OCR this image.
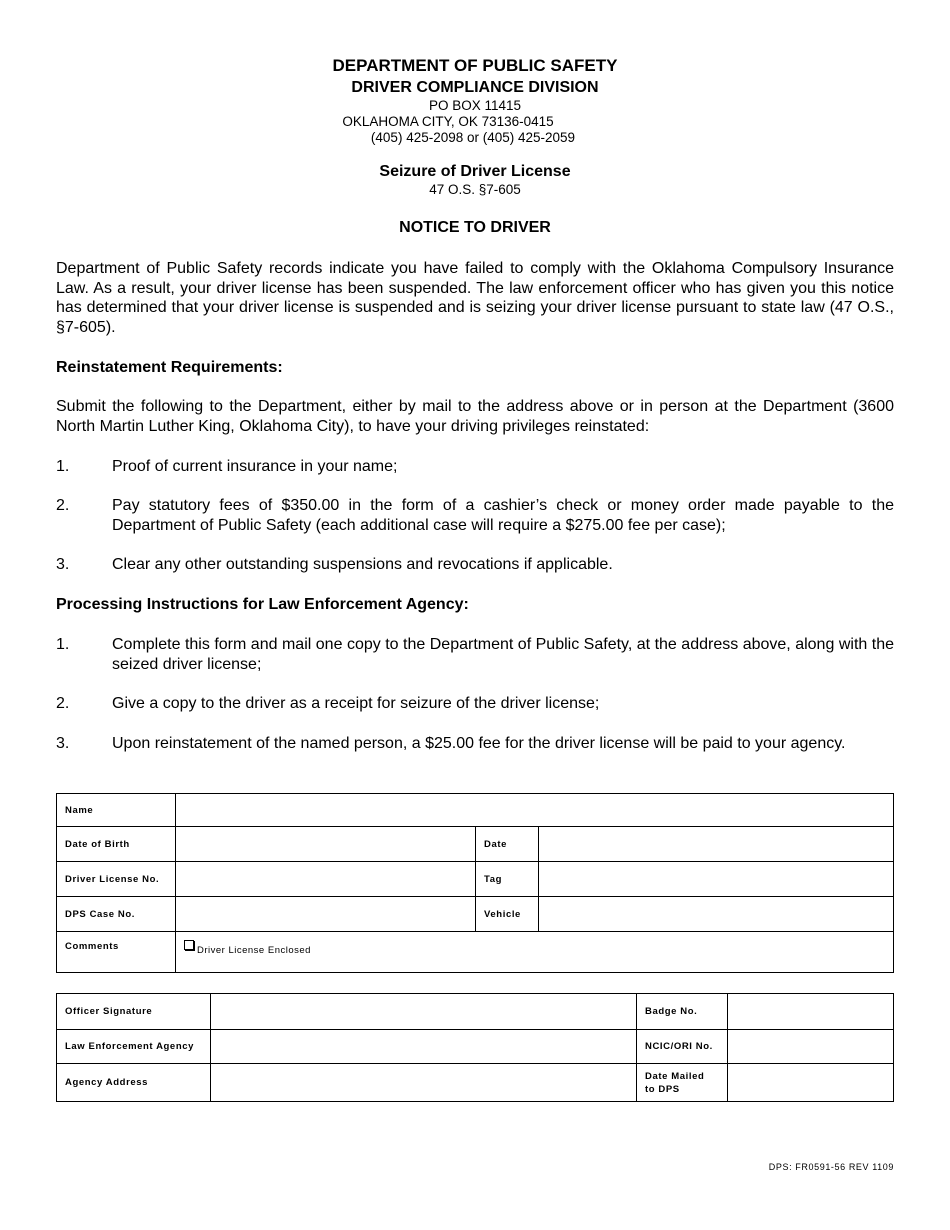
DEPARTMENT OF PUBLIC SAFETY
DRIVER COMPLIANCE DIVISION
PO BOX 11415
OKLAHOMA CITY, OK 73136-0415
(405) 425-2098 or (405) 425-2059
Seizure of Driver License
47 O.S. §7-605
NOTICE TO DRIVER
Department of Public Safety records indicate you have failed to comply with the Oklahoma Compulsory Insurance Law. As a result, your driver license has been suspended. The law enforcement officer who has given you this notice has determined that your driver license is suspended and is seizing your driver license pursuant to state law (47 O.S., §7-605).
Reinstatement Requirements:
Submit the following to the Department, either by mail to the address above or in person at the Department (3600 North Martin Luther King, Oklahoma City), to have your driving privileges reinstated:
1.	Proof of current insurance in your name;
2.	Pay statutory fees of $350.00 in the form of a cashier’s check or money order made payable to the Department of Public Safety (each additional case will require a $275.00 fee per case);
3.	Clear any other outstanding suspensions and revocations if applicable.
Processing Instructions for Law Enforcement Agency:
1.	Complete this form and mail one copy to the Department of Public Safety, at the address above, along with the seized driver license;
2.	Give a copy to the driver as a receipt for seizure of the driver license;
3.	Upon reinstatement of the named person, a $25.00 fee for the driver license will be paid to your agency.
Name			
Date of Birth		Date	
Driver License No.		Tag	
DPS Case No.		Vehicle	
Comments	Driver License Enclosed		
Officer Signature		Badge No.	
Law Enforcement Agency		NCIC/ORI No.	
Agency Address		Date Mailed
to DPS	
DPS: FR0591-56 REV 1109
